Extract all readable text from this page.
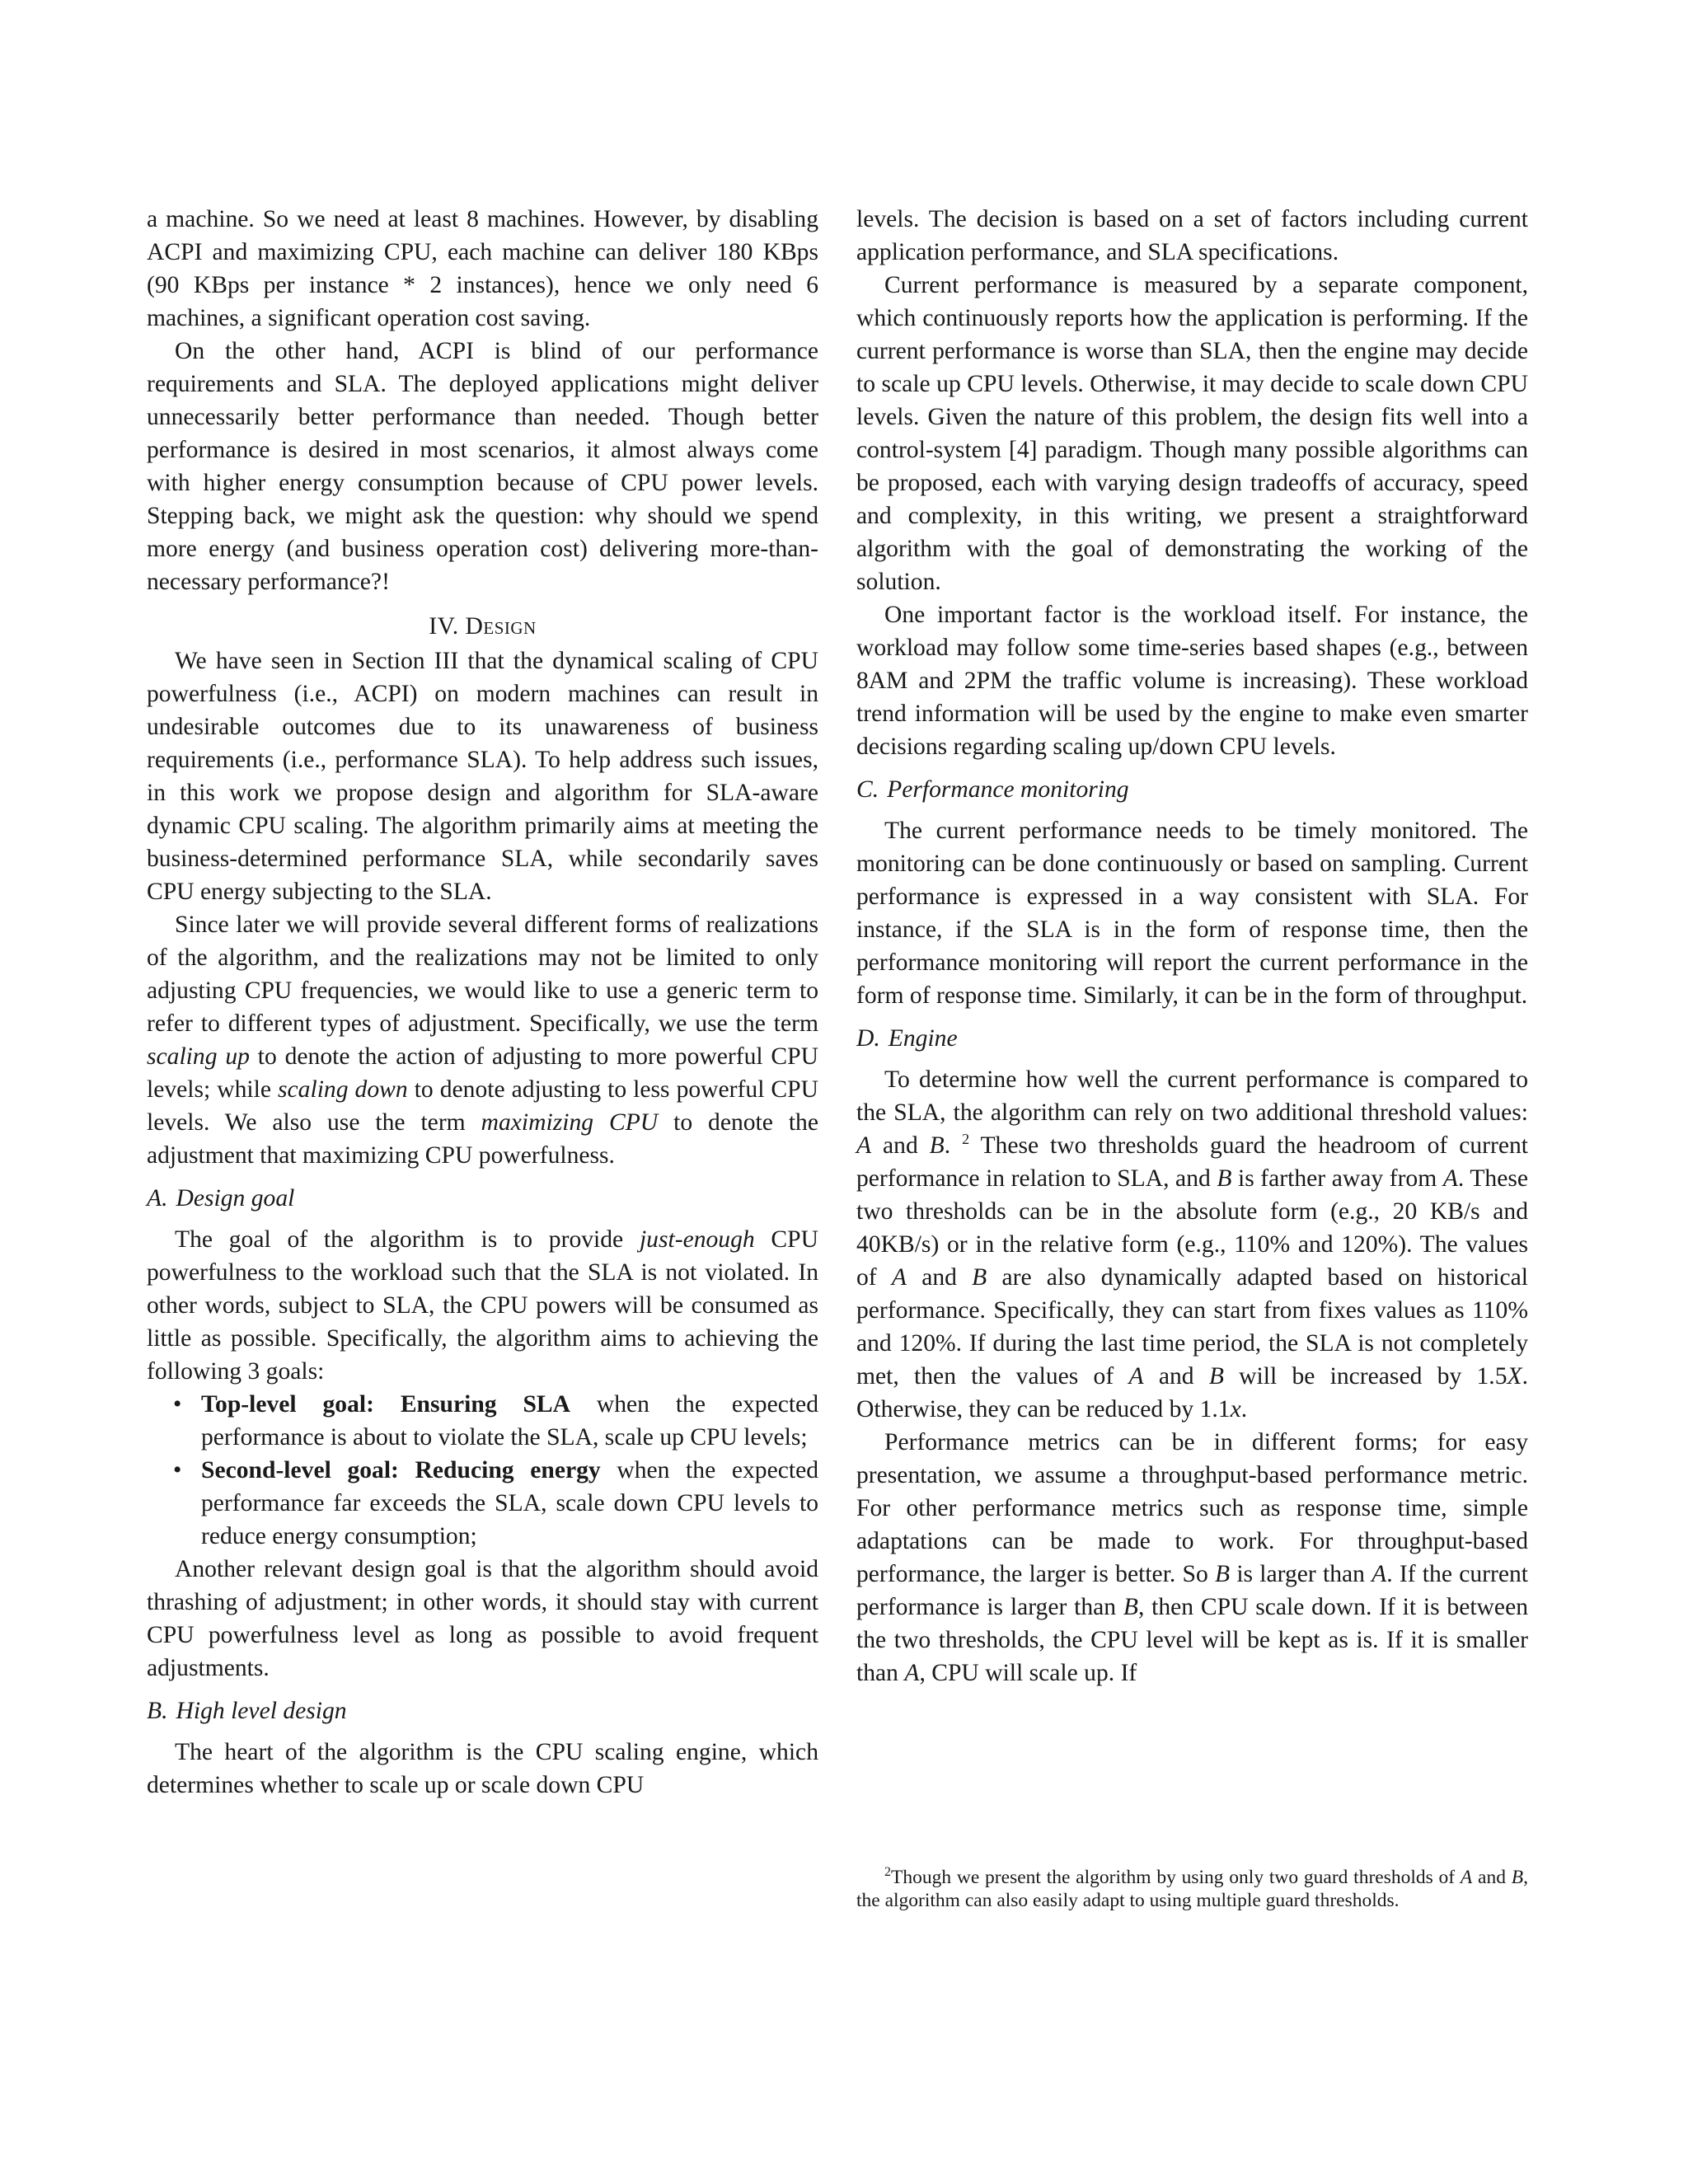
a machine. So we need at least 8 machines. However, by disabling ACPI and maximizing CPU, each machine can deliver 180 KBps (90 KBps per instance * 2 instances), hence we only need 6 machines, a significant operation cost saving.

On the other hand, ACPI is blind of our performance requirements and SLA. The deployed applications might deliver unnecessarily better performance than needed. Though better performance is desired in most scenarios, it almost always come with higher energy consumption because of CPU power levels. Stepping back, we might ask the question: why should we spend more energy (and business operation cost) delivering more-than-necessary performance?!

IV. Design

We have seen in Section III that the dynamical scaling of CPU powerfulness (i.e., ACPI) on modern machines can result in undesirable outcomes due to its unawareness of business requirements (i.e., performance SLA). To help address such issues, in this work we propose design and algorithm for SLA-aware dynamic CPU scaling. The algorithm primarily aims at meeting the business-determined performance SLA, while secondarily saves CPU energy subjecting to the SLA.

Since later we will provide several different forms of realizations of the algorithm, and the realizations may not be limited to only adjusting CPU frequencies, we would like to use a generic term to refer to different types of adjustment. Specifically, we use the term scaling up to denote the action of adjusting to more powerful CPU levels; while scaling down to denote adjusting to less powerful CPU levels. We also use the term maximizing CPU to denote the adjustment that maximizing CPU powerfulness.

A. Design goal

The goal of the algorithm is to provide just-enough CPU powerfulness to the workload such that the SLA is not violated. In other words, subject to SLA, the CPU powers will be consumed as little as possible. Specifically, the algorithm aims to achieving the following 3 goals:

• Top-level goal: Ensuring SLA when the expected performance is about to violate the SLA, scale up CPU levels;
• Second-level goal: Reducing energy when the expected performance far exceeds the SLA, scale down CPU levels to reduce energy consumption;

Another relevant design goal is that the algorithm should avoid thrashing of adjustment; in other words, it should stay with current CPU powerfulness level as long as possible to avoid frequent adjustments.

B. High level design

The heart of the algorithm is the CPU scaling engine, which determines whether to scale up or scale down CPU

levels. The decision is based on a set of factors including current application performance, and SLA specifications.

Current performance is measured by a separate component, which continuously reports how the application is performing. If the current performance is worse than SLA, then the engine may decide to scale up CPU levels. Otherwise, it may decide to scale down CPU levels. Given the nature of this problem, the design fits well into a control-system [4] paradigm. Though many possible algorithms can be proposed, each with varying design tradeoffs of accuracy, speed and complexity, in this writing, we present a straightforward algorithm with the goal of demonstrating the working of the solution.

One important factor is the workload itself. For instance, the workload may follow some time-series based shapes (e.g., between 8AM and 2PM the traffic volume is increasing). These workload trend information will be used by the engine to make even smarter decisions regarding scaling up/down CPU levels.

C. Performance monitoring

The current performance needs to be timely monitored. The monitoring can be done continuously or based on sampling. Current performance is expressed in a way consistent with SLA. For instance, if the SLA is in the form of response time, then the performance monitoring will report the current performance in the form of response time. Similarly, it can be in the form of throughput.

D. Engine

To determine how well the current performance is compared to the SLA, the algorithm can rely on two additional threshold values: A and B. $^2$ These two thresholds guard the headroom of current performance in relation to SLA, and B is farther away from A. These two thresholds can be in the absolute form (e.g., 20 KB/s and 40KB/s) or in the relative form (e.g., 110% and 120%). The values of A and B are also dynamically adapted based on historical performance. Specifically, they can start from fixes values as 110% and 120%. If during the last time period, the SLA is not completely met, then the values of A and B will be increased by 1.5X. Otherwise, they can be reduced by 1.1x.

Performance metrics can be in different forms; for easy presentation, we assume a throughput-based performance metric. For other performance metrics such as response time, simple adaptations can be made to work. For throughput-based performance, the larger is better. So B is larger than A. If the current performance is larger than B, then CPU scale down. If it is between the two thresholds, the CPU level will be kept as is. If it is smaller than A, CPU will scale up. If

$^2$Though we present the algorithm by using only two guard thresholds of A and B, the algorithm can also easily adapt to using multiple guard thresholds.
